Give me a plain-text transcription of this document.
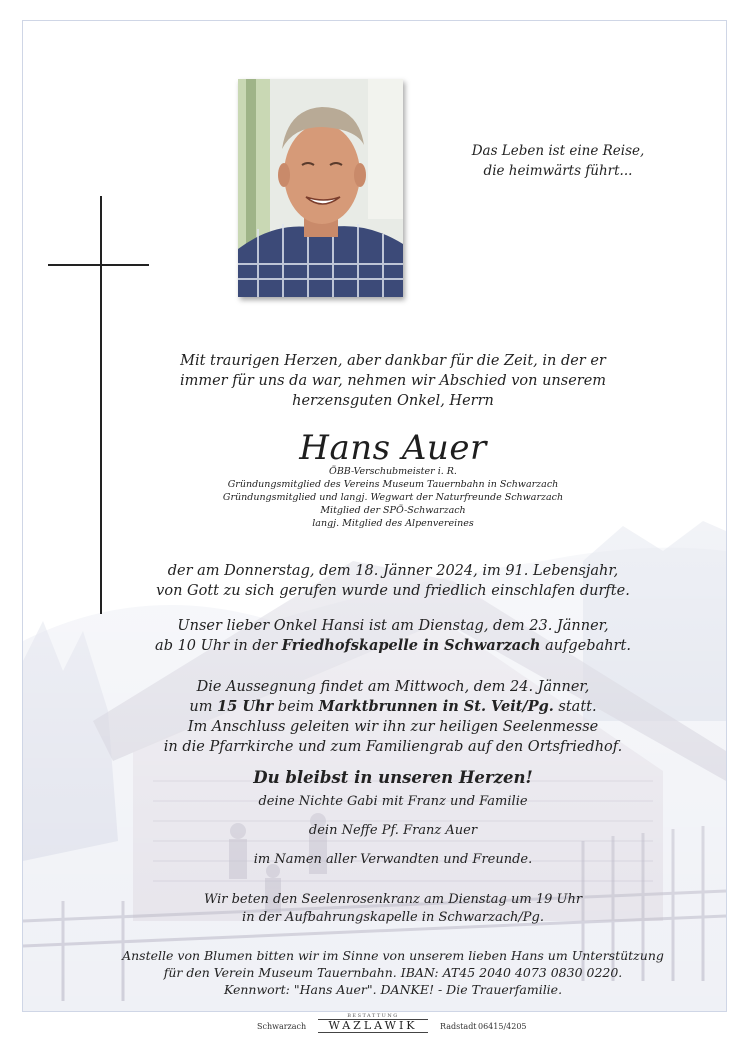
Das Leben ist eine Reise,
die heimwärts führt...
Mit traurigen Herzen, aber dankbar für die Zeit, in der er
immer für uns da war, nehmen wir Abschied von unserem
herzensguten Onkel, Herrn
Hans Auer
ÖBB-Verschubmeister i. R.
Gründungsmitglied des Vereins Museum Tauernbahn in Schwarzach
Gründungsmitglied und langj. Wegwart der Naturfreunde Schwarzach
Mitglied der SPÖ-Schwarzach
langj. Mitglied des Alpenvereines
der am Donnerstag, dem 18. Jänner 2024, im 91. Lebensjahr,
von Gott zu sich gerufen wurde und friedlich einschlafen durfte.
Unser lieber Onkel Hansi ist am Dienstag, dem 23. Jänner,
ab 10 Uhr in der Friedhofskapelle in Schwarzach aufgebahrt.
Die Aussegnung findet am Mittwoch, dem 24. Jänner,
um 15 Uhr beim Marktbrunnen in St. Veit/Pg. statt.
Im Anschluss geleiten wir ihn zur heiligen Seelenmesse
in die Pfarrkirche und zum Familiengrab auf den Ortsfriedhof.
Du bleibst in unseren Herzen!
deine Nichte Gabi mit Franz und Familie
dein Neffe Pf. Franz Auer
im Namen aller Verwandten und Freunde.
Wir beten den Seelenrosenkranz am Dienstag um 19 Uhr
in der Aufbahrungskapelle in Schwarzach/Pg.
Anstelle von Blumen bitten wir im Sinne von unserem lieben Hans um Unterstützung
für den Verein Museum Tauernbahn. IBAN: AT45 2040 4073 0830 0220.
Kennwort: "Hans Auer". DANKE! - Die Trauerfamilie.
Schwarzach
BESTATTUNG
WAZLAWIK	Radstadt 06415/4205
